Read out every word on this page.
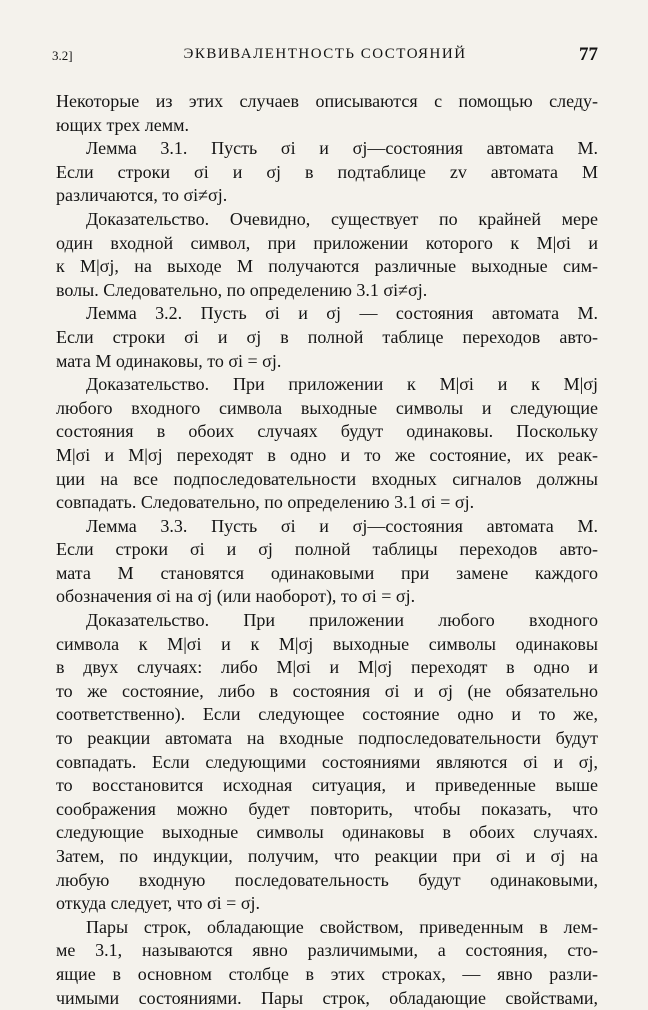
3.2]	ЭКВИВАЛЕНТНОСТЬ СОСТОЯНИЙ	77
Некоторые из этих случаев описываются с помощью следу-
ющих трех лемм.
Лемма 3.1. Пусть σi и σj—состояния автомата М.
Если строки σi и σj в подтаблице zv автомата М
различаются, то σi≠σj.
Доказательство. Очевидно, существует по крайней мере
один входной символ, при приложении которого к М|σi и
к М|σj, на выходе М получаются различные выходные сим-
волы. Следовательно, по определению 3.1 σi≠σj.
Лемма 3.2. Пусть σi и σj — состояния автомата М.
Если строки σi и σj в полной таблице переходов авто-
мата М одинаковы, то σi = σj.
Доказательство. При приложении к М|σi и к М|σj
любого входного символа выходные символы и следующие
состояния в обоих случаях будут одинаковы. Поскольку
М|σi и М|σj переходят в одно и то же состояние, их реак-
ции на все подпоследовательности входных сигналов должны
совпадать. Следовательно, по определению 3.1 σi = σj.
Лемма 3.3. Пусть σi и σj—состояния автомата М.
Если строки σi и σj полной таблицы переходов авто-
мата М становятся одинаковыми при замене каждого
обозначения σi на σj (или наоборот), то σi = σj.
Доказательство. При приложении любого входного
символа к М|σi и к М|σj выходные символы одинаковы
в двух случаях: либо М|σi и М|σj переходят в одно и
то же состояние, либо в состояния σi и σj (не обязательно
соответственно). Если следующее состояние одно и то же,
то реакции автомата на входные подпоследовательности будут
совпадать. Если следующими состояниями являются σi и σj,
то восстановится исходная ситуация, и приведенные выше
соображения можно будет повторить, чтобы показать, что
следующие выходные символы одинаковы в обоих случаях.
Затем, по индукции, получим, что реакции при σi и σj на
любую входную последовательность будут одинаковыми,
откуда следует, что σi = σj.
Пары строк, обладающие свойством, приведенным в лем-
ме 3.1, называются явно различимыми, а состояния, сто-
ящие в основном столбце в этих строках, — явно разли-
чимыми состояниями. Пары строк, обладающие свойствами,
